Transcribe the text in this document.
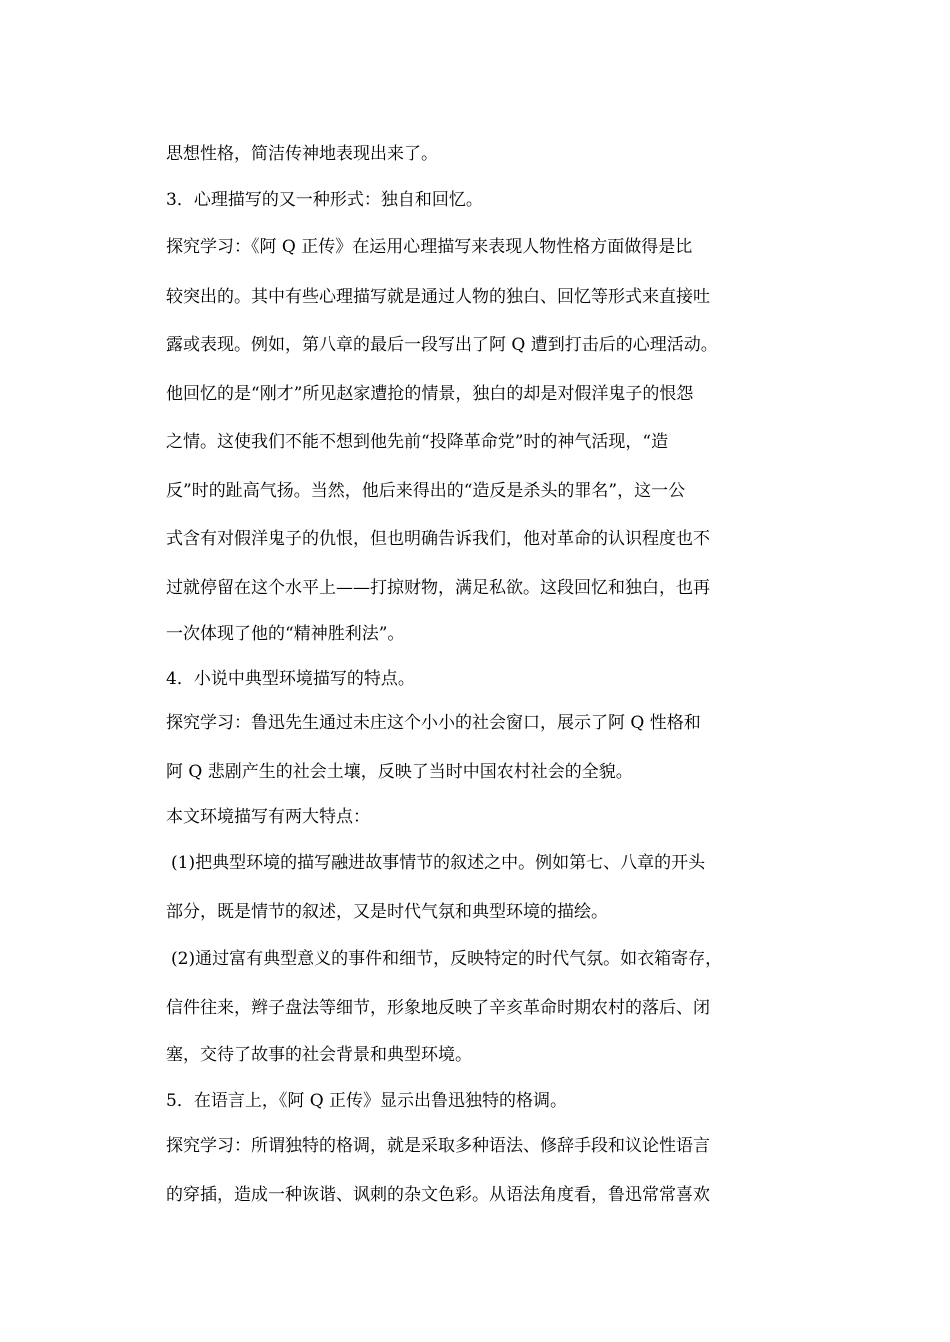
思想性格，简洁传神地表现出来了。
3．心理描写的又一种形式：独自和回忆。
探究学习：《阿 Q 正传》在运用心理描写来表现人物性格方面做得是比
较突出的。其中有些心理描写就是通过人物的独白、回忆等形式来直接吐
露或表现。例如，第八章的最后一段写出了阿 Q 遭到打击后的心理活动。
他回忆的是“刚才”所见赵家遭抢的情景，独白的却是对假洋鬼子的恨怨
之情。这使我们不能不想到他先前“投降革命党”时的神气活现，“造
反”时的趾高气扬。当然，他后来得出的“造反是杀头的罪名”，这一公
式含有对假洋鬼子的仇恨，但也明确告诉我们，他对革命的认识程度也不
过就停留在这个水平上——打掠财物，满足私欲。这段回忆和独白，也再
一次体现了他的“精神胜利法”。
4．小说中典型环境描写的特点。
探究学习：鲁迅先生通过未庄这个小小的社会窗口，展示了阿 Q 性格和
阿 Q 悲剧产生的社会土壤，反映了当时中国农村社会的全貌。
本文环境描写有两大特点：
(1)把典型环境的描写融进故事情节的叙述之中。例如第七、八章的开头
部分，既是情节的叙述，又是时代气氛和典型环境的描绘。
(2)通过富有典型意义的事件和细节，反映特定的时代气氛。如衣箱寄存，
信件往来，辫子盘法等细节，形象地反映了辛亥革命时期农村的落后、闭
塞，交待了故事的社会背景和典型环境。
5．在语言上，《阿 Q 正传》显示出鲁迅独特的格调。
探究学习：所谓独特的格调，就是采取多种语法、修辞手段和议论性语言
的穿插，造成一种诙谐、讽刺的杂文色彩。从语法角度看，鲁迅常常喜欢
